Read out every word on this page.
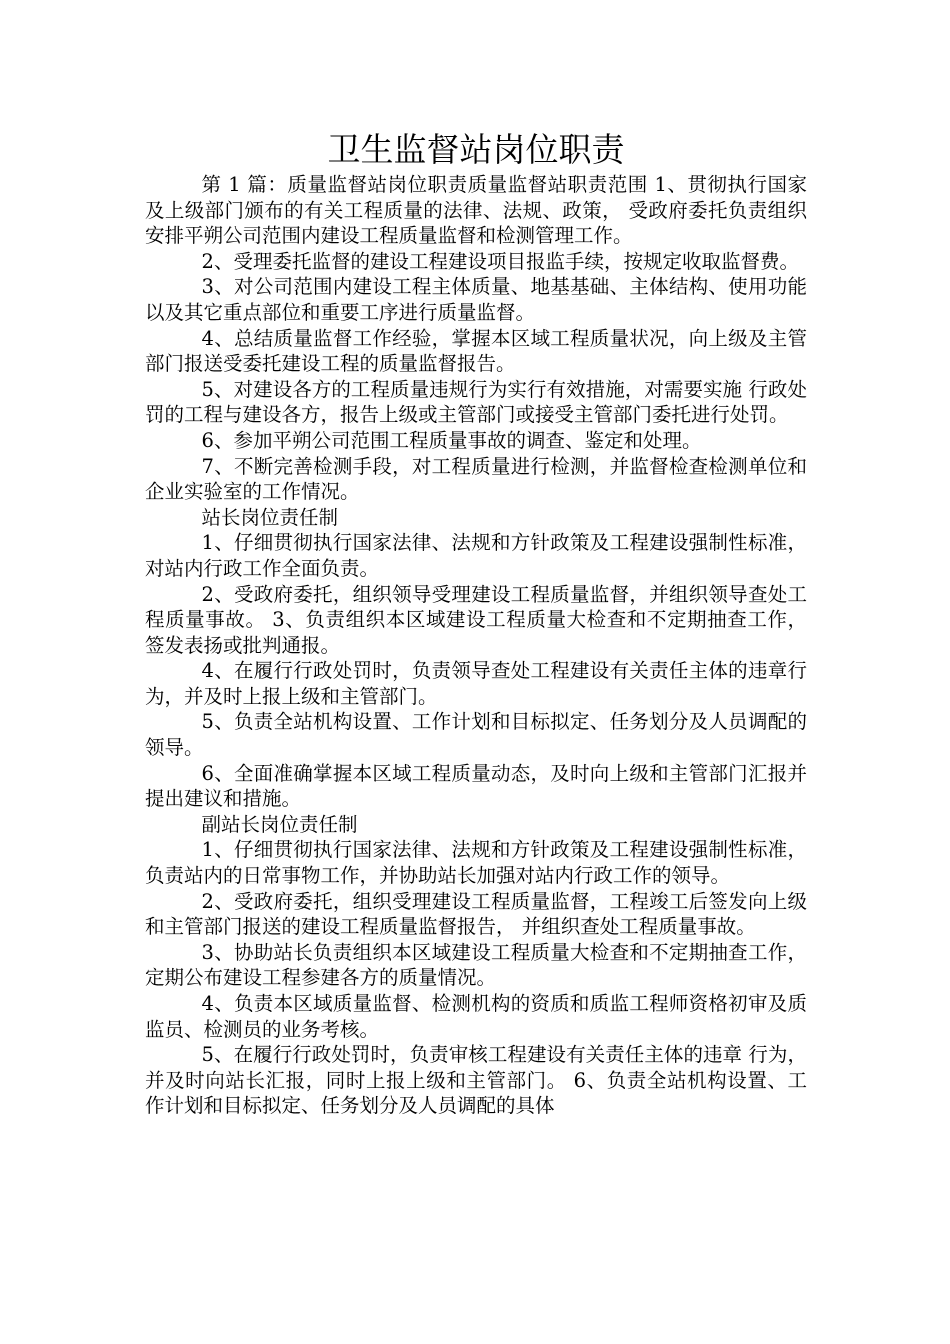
卫生监督站岗位职责

第 1 篇：质量监督站岗位职责质量监督站职责范围 1、贯彻执行国家及上级部门颁布的有关工程质量的法律、法规、政策， 受政府委托负责组织安排平朔公司范围内建设工程质量监督和检测管理工作。

2、受理委托监督的建设工程建设项目报监手续，按规定收取监督费。

3、对公司范围内建设工程主体质量、地基基础、主体结构、使用功能以及其它重点部位和重要工序进行质量监督。

4、总结质量监督工作经验，掌握本区域工程质量状况，向上级及主管部门报送受委托建设工程的质量监督报告。

5、对建设各方的工程质量违规行为实行有效措施，对需要实施 行政处罚的工程与建设各方，报告上级或主管部门或接受主管部门委托进行处罚。

6、参加平朔公司范围工程质量事故的调查、鉴定和处理。

7、不断完善检测手段，对工程质量进行检测，并监督检查检测单位和企业实验室的工作情况。

站长岗位责任制

1、仔细贯彻执行国家法律、法规和方针政策及工程建设强制性标准，对站内行政工作全面负责。

2、受政府委托，组织领导受理建设工程质量监督，并组织领导查处工程质量事故。 3、负责组织本区域建设工程质量大检查和不定期抽查工作，签发表扬或批判通报。

4、在履行行政处罚时，负责领导查处工程建设有关责任主体的违章行为，并及时上报上级和主管部门。

5、负责全站机构设置、工作计划和目标拟定、任务划分及人员调配的领导。

6、全面准确掌握本区域工程质量动态，及时向上级和主管部门汇报并提出建议和措施。

副站长岗位责任制

1、仔细贯彻执行国家法律、法规和方针政策及工程建设强制性标准，负责站内的日常事物工作，并协助站长加强对站内行政工作的领导。

2、受政府委托，组织受理建设工程质量监督，工程竣工后签发向上级和主管部门报送的建设工程质量监督报告， 并组织查处工程质量事故。

3、协助站长负责组织本区域建设工程质量大检查和不定期抽查工作，定期公布建设工程参建各方的质量情况。

4、负责本区域质量监督、检测机构的资质和质监工程师资格初审及质监员、检测员的业务考核。

5、在履行行政处罚时，负责审核工程建设有关责任主体的违章 行为，并及时向站长汇报，同时上报上级和主管部门。 6、负责全站机构设置、工作计划和目标拟定、任务划分及人员调配的具体
